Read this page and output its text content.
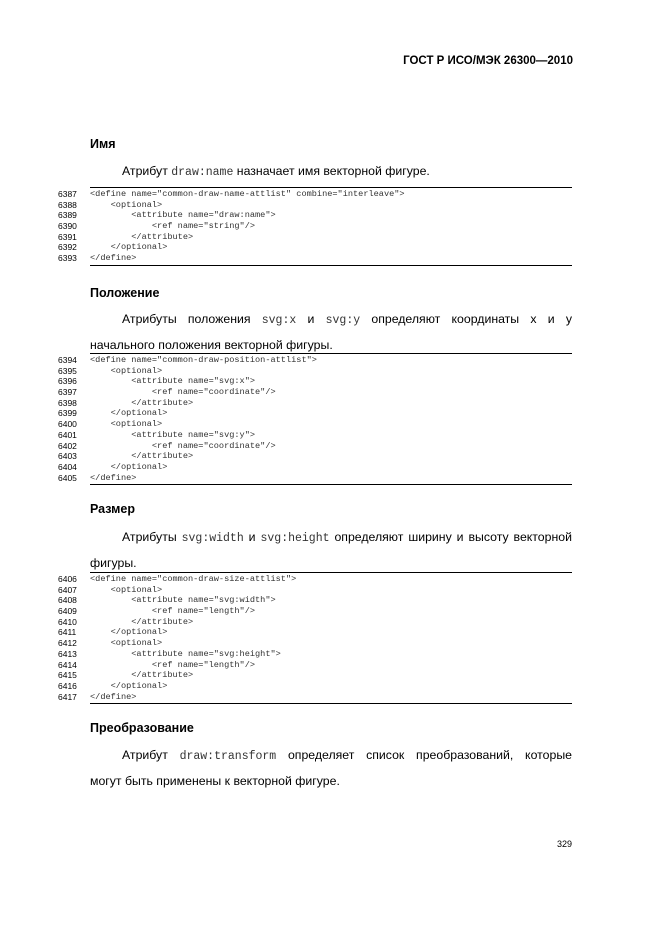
ГОСТ Р ИСО/МЭК 26300—2010
Имя

Атрибут draw:name назначает имя векторной фигуре.

6387 <define name="common-draw-name-attlist" combine="interleave">
6388 <optional>
6389 <attribute name="draw:name">
6390 <ref name="string"/>
6391 </attribute>
6392 </optional>
6393 </define>
Положение

Атрибуты положения svg:x и svg:y определяют координаты x и y

начального положения векторной фигуры.

6394 <define name="common-draw-position-attlist">
6395 <optional>
6396 <attribute name="svg:x">
6397 <ref name="coordinate"/>
6398 </attribute>
6399 </optional>
6400 <optional>
6401 <attribute name="svg:y">
6402 <ref name="coordinate"/>
6403 </attribute>
6404 </optional>
6405 </define>
Размер

Атрибуты svg:width и svg:height определяют ширину и высоту векторной

фигуры.

6406 <define name="common-draw-size-attlist">
6407 <optional>
6408 <attribute name="svg:width">
6409 <ref name="length"/>
6410 </attribute>
6411 </optional>
6412 <optional>
6413 <attribute name="svg:height">
6414 <ref name="length"/>
6415 </attribute>
6416 </optional>
6417 </define>
Преобразование

Атрибут draw:transform определяет список преобразований, которые

могут быть применены к векторной фигуре.

329
